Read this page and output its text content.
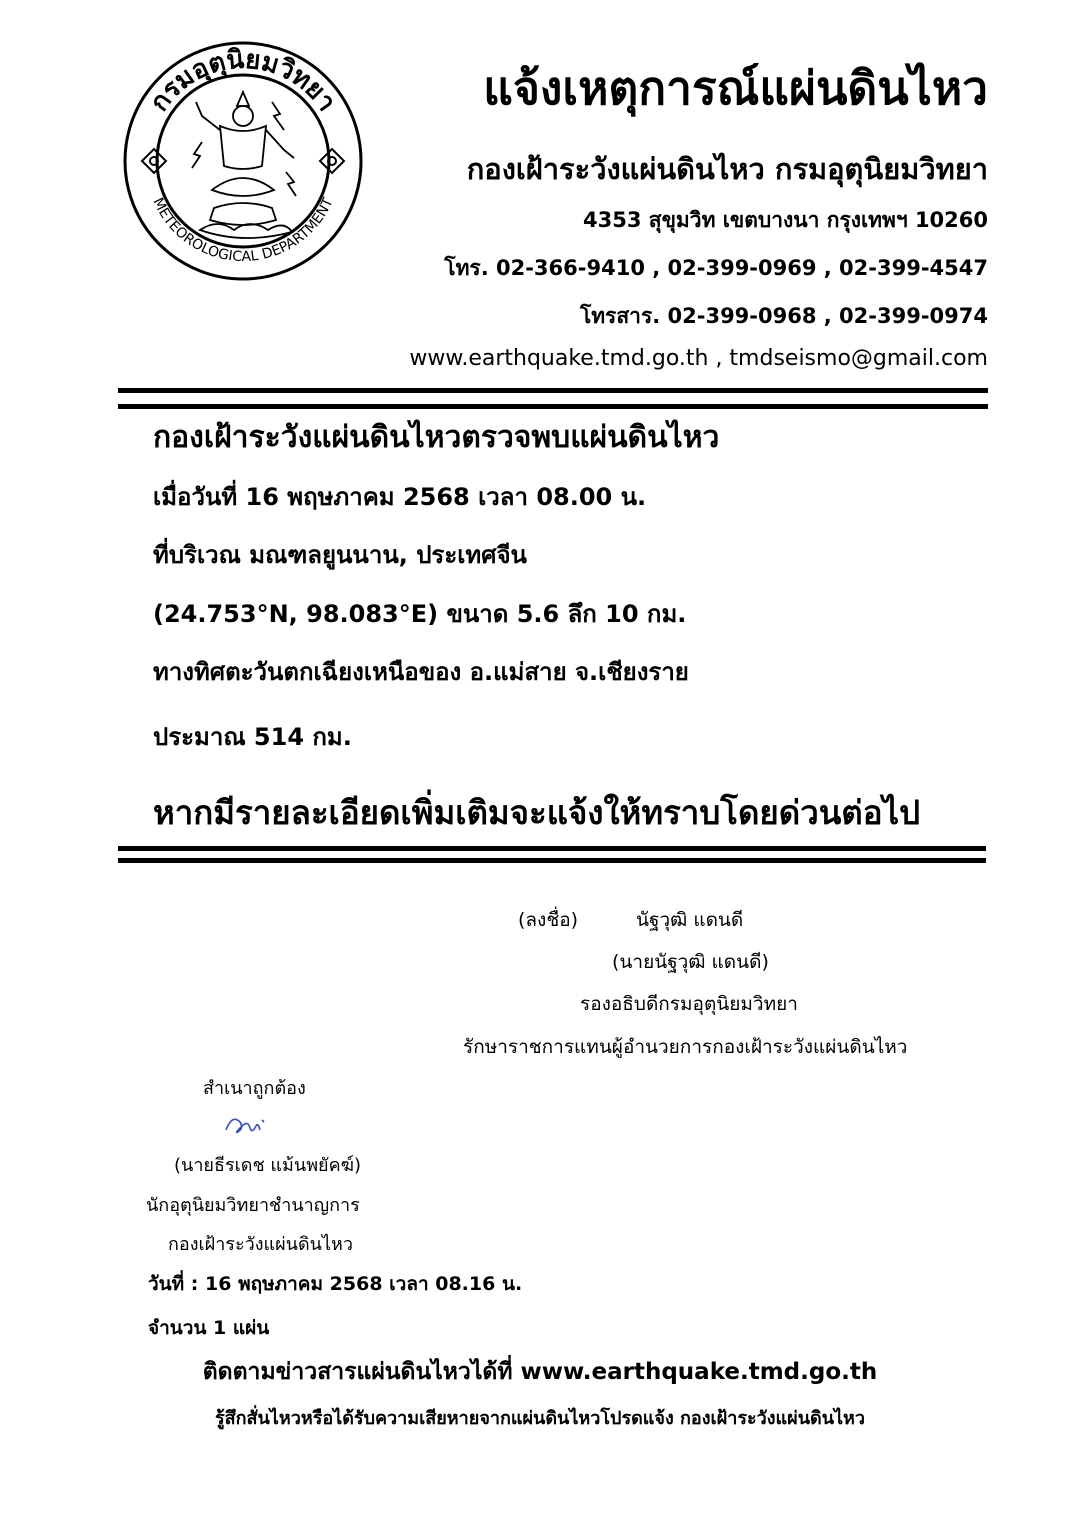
กรมอุตุนิยมวิทยา
METEOROLOGICAL DEPARTMENT
แจ้งเหตุการณ์แผ่นดินไหว
กองเฝ้าระวังแผ่นดินไหว กรมอุตุนิยมวิทยา
4353 สุขุมวิท เขตบางนา กรุงเทพฯ 10260
โทร. 02-366-9410 , 02-399-0969 , 02-399-4547
โทรสาร. 02-399-0968 , 02-399-0974
www.earthquake.tmd.go.th , tmdseismo@gmail.com
กองเฝ้าระวังแผ่นดินไหวตรวจพบแผ่นดินไหว
เมื่อวันที่ 16 พฤษภาคม 2568 เวลา 08.00 น.
ที่บริเวณ มณฑลยูนนาน, ประเทศจีน
(24.753°N, 98.083°E) ขนาด 5.6 ลึก 10 กม.
ทางทิศตะวันตกเฉียงเหนือของ อ.แม่สาย จ.เชียงราย
ประมาณ 514 กม.
หากมีรายละเอียดเพิ่มเติมจะแจ้งให้ทราบโดยด่วนต่อไป
(ลงชื่อ)	นัฐวุฒิ แดนดี
(นายนัฐวุฒิ แดนดี)
รองอธิบดีกรมอุตุนิยมวิทยา
รักษาราชการแทนผู้อำนวยการกองเฝ้าระวังแผ่นดินไหว
สำเนาถูกต้อง
(นายธีรเดช แม้นพยัคฆ์)
นักอุตุนิยมวิทยาชำนาญการ
กองเฝ้าระวังแผ่นดินไหว
วันที่ : 16 พฤษภาคม 2568 เวลา 08.16 น.
จำนวน 1 แผ่น
ติดตามข่าวสารแผ่นดินไหวได้ที่ www.earthquake.tmd.go.th
รู้สึกสั่นไหวหรือได้รับความเสียหายจากแผ่นดินไหวโปรดแจ้ง กองเฝ้าระวังแผ่นดินไหว
